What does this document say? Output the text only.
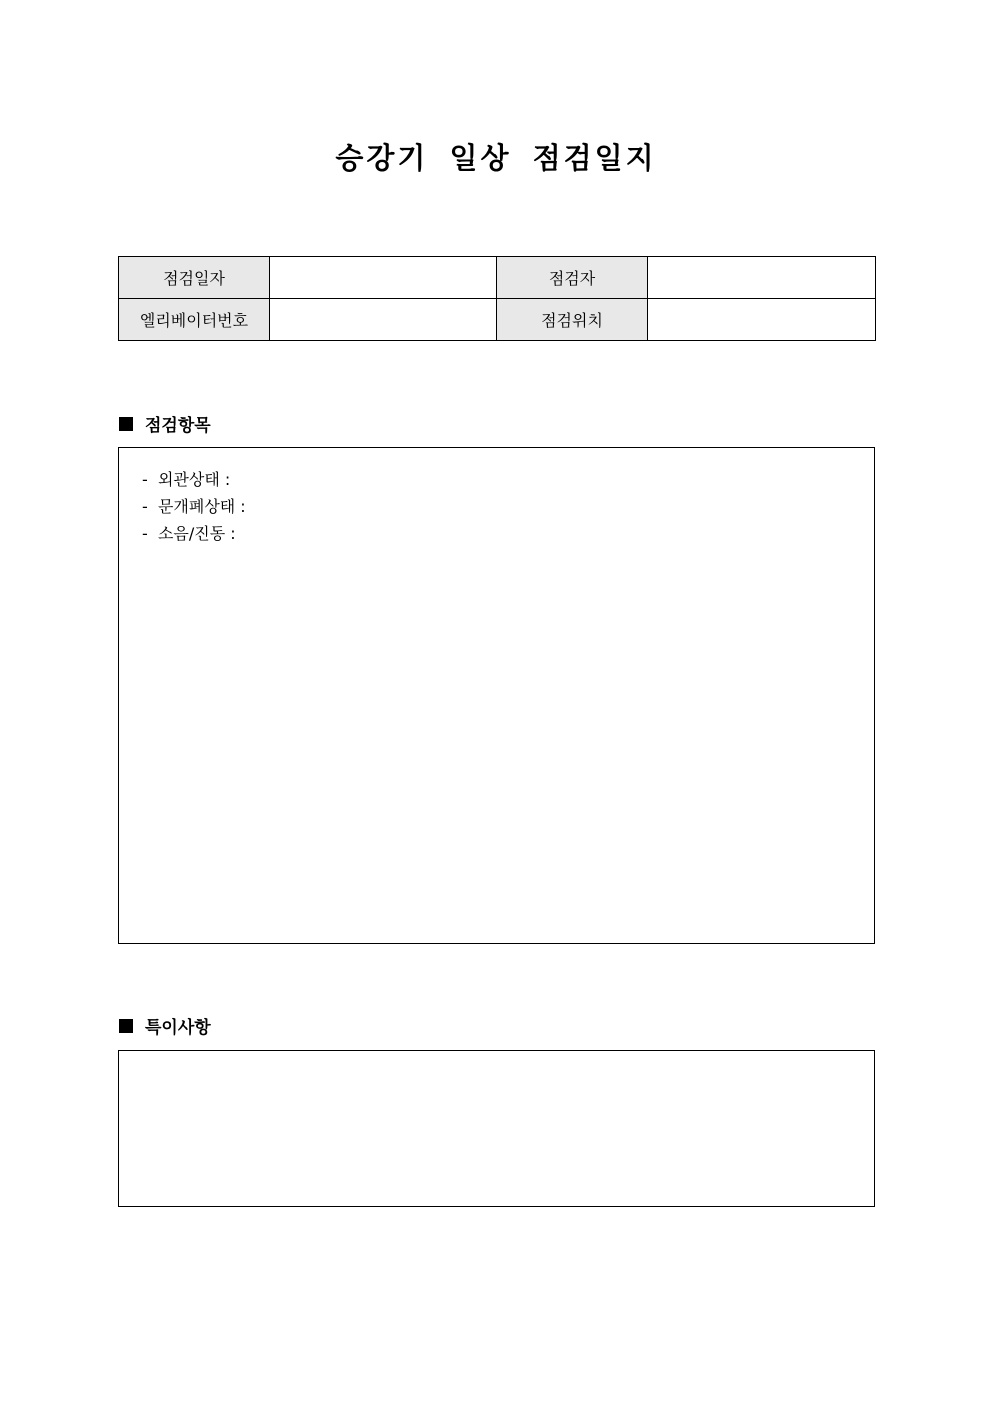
승강기 일상 점검일지
점검일자		점검자	
엘리베이터번호		점검위치	
점검항목
-  외관상태 :
-  문개폐상태 :
-  소음/진동 :
특이사항
